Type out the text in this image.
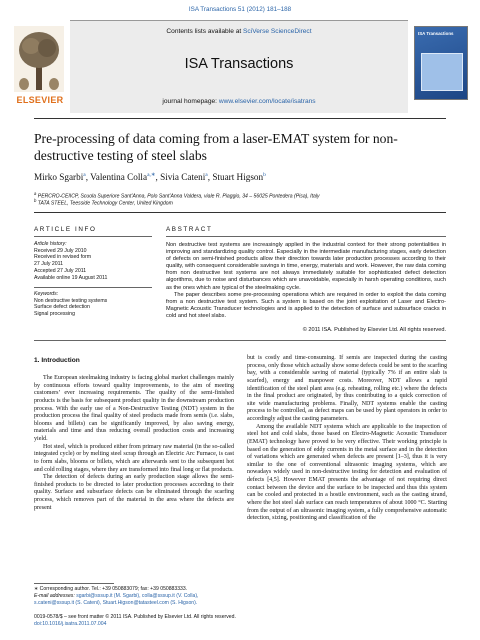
ISA Transactions 51 (2012) 181–188
Contents lists available at SciVerse ScienceDirect
ISA Transactions
journal homepage: www.elsevier.com/locate/isatrans
ELSEVIER
ISA Transactions
Pre-processing of data coming from a laser-EMAT system for non-destructive testing of steel slabs
Mirko Sgarbi$^a$, Valentina Colla$^{a,∗}$, Sivia Cateni$^a$, Stuart Higson$^b$
$^a$ PERCRO-CEIICP, Scuola Superiore Sant’Anna, Polo Sant’Anna Valdera, viale R. Piaggio, 34 – 56025 Pontedera (Pisa), Italy
$^b$ TATA STEEL, Teesside Technology Center, United Kingdom
ARTICLE INFO
Article history:
Received 29 July 2010
Received in revised form
27 July 2011
Accepted 27 July 2011
Available online 19 August 2011
Keywords:
Non destructive testing systems
Surface defect detection
Signal processing
ABSTRACT

Non destructive test systems are increasingly applied in the industrial context for their strong potentialities in improving and standardizing quality control. Especially in the intermediate manufacturing stages, early detection of defects on semi-finished products allow their direction towards later production processes according to their quality, with consequent considerable savings in time, energy, materials and work. However, the raw data coming from non destructive test systems are not always immediately suitable for sophisticated defect detection algorithms, due to noise and disturbances which are unavoidable, especially in harsh operating conditions, such as the ones which are typical of the steelmaking cycle.

The paper describes some pre-processing operations which are required in order to exploit the data coming from a non destructive test system. Such a system is based on the joint exploitation of Laser and Electro-Magnetic Acoustic Transducer technologies and is applied to the detection of surface and subsurface cracks in cold and hot steel slabs.

© 2011 ISA. Published by Elsevier Ltd. All rights reserved.
1. Introduction

The European steelmaking industry is facing global market challenges mainly by continuous efforts toward quality improvements, to the aim of meeting customers’ ever increasing requirements. The quality of the semi-finished products is the basis for subsequent product quality in the downstream production process. With the early use of a Non-Destructive Testing (NDT) system in the production process the final quality of steel products made from semis (i.e. slabs, blooms and billets) can be significantly improved, by also saving energy, materials and time and thus reducing overall production costs and increasing yield.

Hot steel, which is produced either from primary raw material (in the so-called integrated cycle) or by melting steel scrap through an Electric Arc Furnace, is cast to form slabs, blooms or billets, which are afterwards sent to the subsequent hot and cold rolling stages, where they are transformed into final long or flat products.

The detection of defects during an early production stage allows the semi-finished products to be directed to later production processes according to their quality. Surface and subsurface defects can be eliminated through the scarfing process, which removes part of the material in the area where the defects are present

but is costly and time-consuming. If semis are inspected during the casting process, only those which actually show some defects could be sent to the scarfing bay, with a considerable saving of material (typically 7% if an entire slab is scarfed), energy and manpower costs. Moreover, NDT allows a rapid identification of the steel plant area (e.g. reheating, rolling etc.) where the defects in the final product are originated, by thus contributing to a quick correction of site wide manufacturing problems. Finally, NDT systems enable the casting process to be controlled, as defect maps can be used by plant operators in order to accordingly adjust the casting parameters.

Among the available NDT systems which are applicable to the inspection of steel hot and cold slabs, those based on Electro-Magnetic Acoustic Transducer (EMAT) technology have proved to be very effective. Their working principle is based on the generation of eddy currents in the metal surface and in the detection of variations which are generated when defects are present [1–3], thus it is very similar to the one of conventional ultrasonic imaging systems, which are nowadays widely used in non-destructive testing for detection and evaluation of defects [4,5]. However EMAT presents the advantage of not requiring direct contact between the device and the surface to be inspected and thus this system can be cooled and protected in a hostile environment, such as the casting strand, where the hot steel slab surface can reach temperatures of about 1000 °C. Starting from the output of an ultrasonic imaging system, a fully comprehensive automatic detection, sizing, positioning and classification of the

∗ Corresponding author. Tel.: +39 050883079; fax: +39 050883333.
E-mail addresses: sgarbi@sssup.it (M. Sgarbi), colla@sssup.it (V. Colla),
s.cateni@sssup.it (S. Cateni), Stuart.Higson@tatasteel.com (S. Higson).
0019-0578/$ – see front matter © 2011 ISA. Published by Elsevier Ltd. All rights reserved.
doi:10.1016/j.isatra.2011.07.004
